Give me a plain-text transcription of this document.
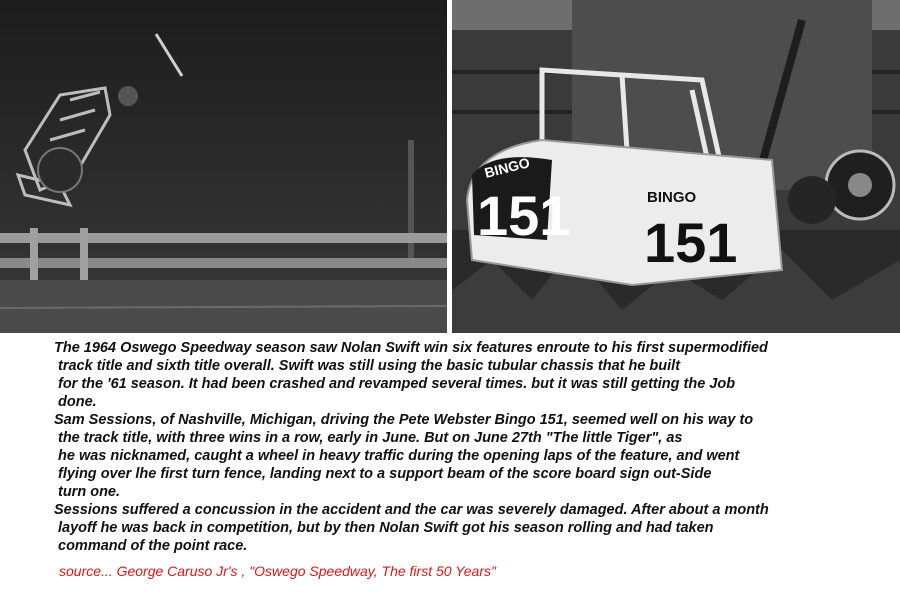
BINGO
151	BINGO
151
The 1964 Oswego Speedway season saw Nolan Swift win six features enroute to his first supermodified
track title and sixth title overall. Swift was still using the basic tubular chassis that he built
for the '61 season. It had been crashed and revamped several times. but it was still getting the Job
done.
Sam Sessions, of Nashville, Michigan, driving the Pete Webster Bingo 151, seemed well on his way to
the track title, with three wins in a row, early in June. But on June 27th "The little Tiger", as
he was nicknamed, caught a wheel in heavy traffic during the opening laps of the feature, and went
flying over lhe first turn fence, landing next to a support beam of the score board sign out-Side
turn one.
Sessions suffered a concussion in the accident and the car was severely damaged. After about a month
layoff he was back in competition, but by then Nolan Swift got his season rolling and had taken
command of the point race.
source... George Caruso Jr's , "Oswego Speedway, The first 50 Years"
